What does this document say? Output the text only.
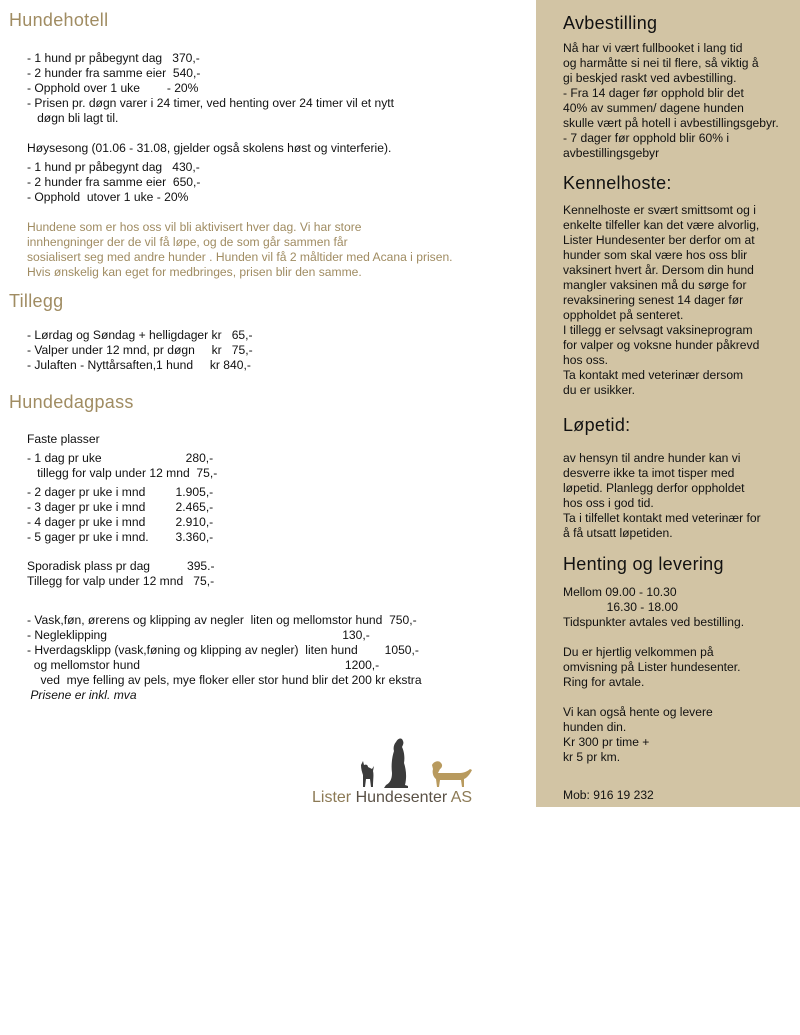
Hundehotell
- 1 hund pr påbegynt dag   370,-
- 2 hunder fra samme eier  540,-
- Opphold over 1 uke        - 20%
- Prisen pr. døgn varer i 24 timer, ved henting over 24 timer vil et nytt
døgn bli lagt til.
Høysesong (01.06 - 31.08, gjelder også skolens høst og vinterferie).
- 1 hund pr påbegynt dag   430,-
- 2 hunder fra samme eier  650,-
- Opphold  utover 1 uke - 20%
Hundene som er hos oss vil bli aktivisert hver dag. Vi har store
innhengninger der de vil få løpe, og de som går sammen får
sosialisert seg med andre hunder . Hunden vil få 2 måltider med Acana i prisen.
Hvis ønskelig kan eget for medbringes, prisen blir den samme.
Tillegg
- Lørdag og Søndag + helligdager kr   65,-
- Valper under 12 mnd, pr døgn     kr   75,-
- Julaften - Nyttårsaften,1 hund     kr 840,-
Hundedagpass
Faste plasser
- 1 dag pr uke                         280,-
tillegg for valp under 12 mnd  75,-
- 2 dager pr uke i mnd         1.905,-
- 3 dager pr uke i mnd         2.465,-
- 4 dager pr uke i mnd         2.910,-
- 5 gager pr uke i mnd.        3.360,-
Sporadisk plass pr dag           395.-
Tillegg for valp under 12 mnd   75,-
- Vask,føn, ørerens og klipping av negler  liten og mellomstor hund  750,-
- Negleklipping                                                                      130,-
- Hverdagsklipp (vask,føning og klipping av negler)  liten hund        1050,-
og mellomstor hund                                                             1200,-
ved  mye felling av pels, mye floker eller stor hund blir det 200 kr ekstra
Prisene er inkl. mva
Lister Hundesenter AS
Avbestilling
Nå har vi vært fullbooket i lang tid
og harmåtte si nei til flere, så viktig å
gi beskjed raskt ved avbestilling.
- Fra 14 dager før opphold blir det
40% av summen/ dagene hunden
skulle vært på hotell i avbestillingsgebyr.
- 7 dager før opphold blir 60% i
avbestillingsgebyr
Kennelhoste:
Kennelhoste er svært smittsomt og i
enkelte tilfeller kan det være alvorlig,
Lister Hundesenter ber derfor om at
hunder som skal være hos oss blir
vaksinert hvert år. Dersom din hund
mangler vaksinen må du sørge for
revaksinering senest 14 dager før
oppholdet på senteret.
I tillegg er selvsagt vaksineprogram
for valper og voksne hunder påkrevd
hos oss.
Ta kontakt med veterinær dersom
du er usikker.
Løpetid:
av hensyn til andre hunder kan vi
desverre ikke ta imot tisper med
løpetid. Planlegg derfor oppholdet
hos oss i god tid.
Ta i tilfellet kontakt med veterinær for
å få utsatt løpetiden.
Henting og levering
Mellom 09.00 - 10.30
16.30 - 18.00
Tidspunkter avtales ved bestilling.

Du er hjertlig velkommen på
omvisning på Lister hundesenter.
Ring for avtale.

Vi kan også hente og levere
hunden din.
Kr 300 pr time +
kr 5 pr km.
Mob: 916 19 232
